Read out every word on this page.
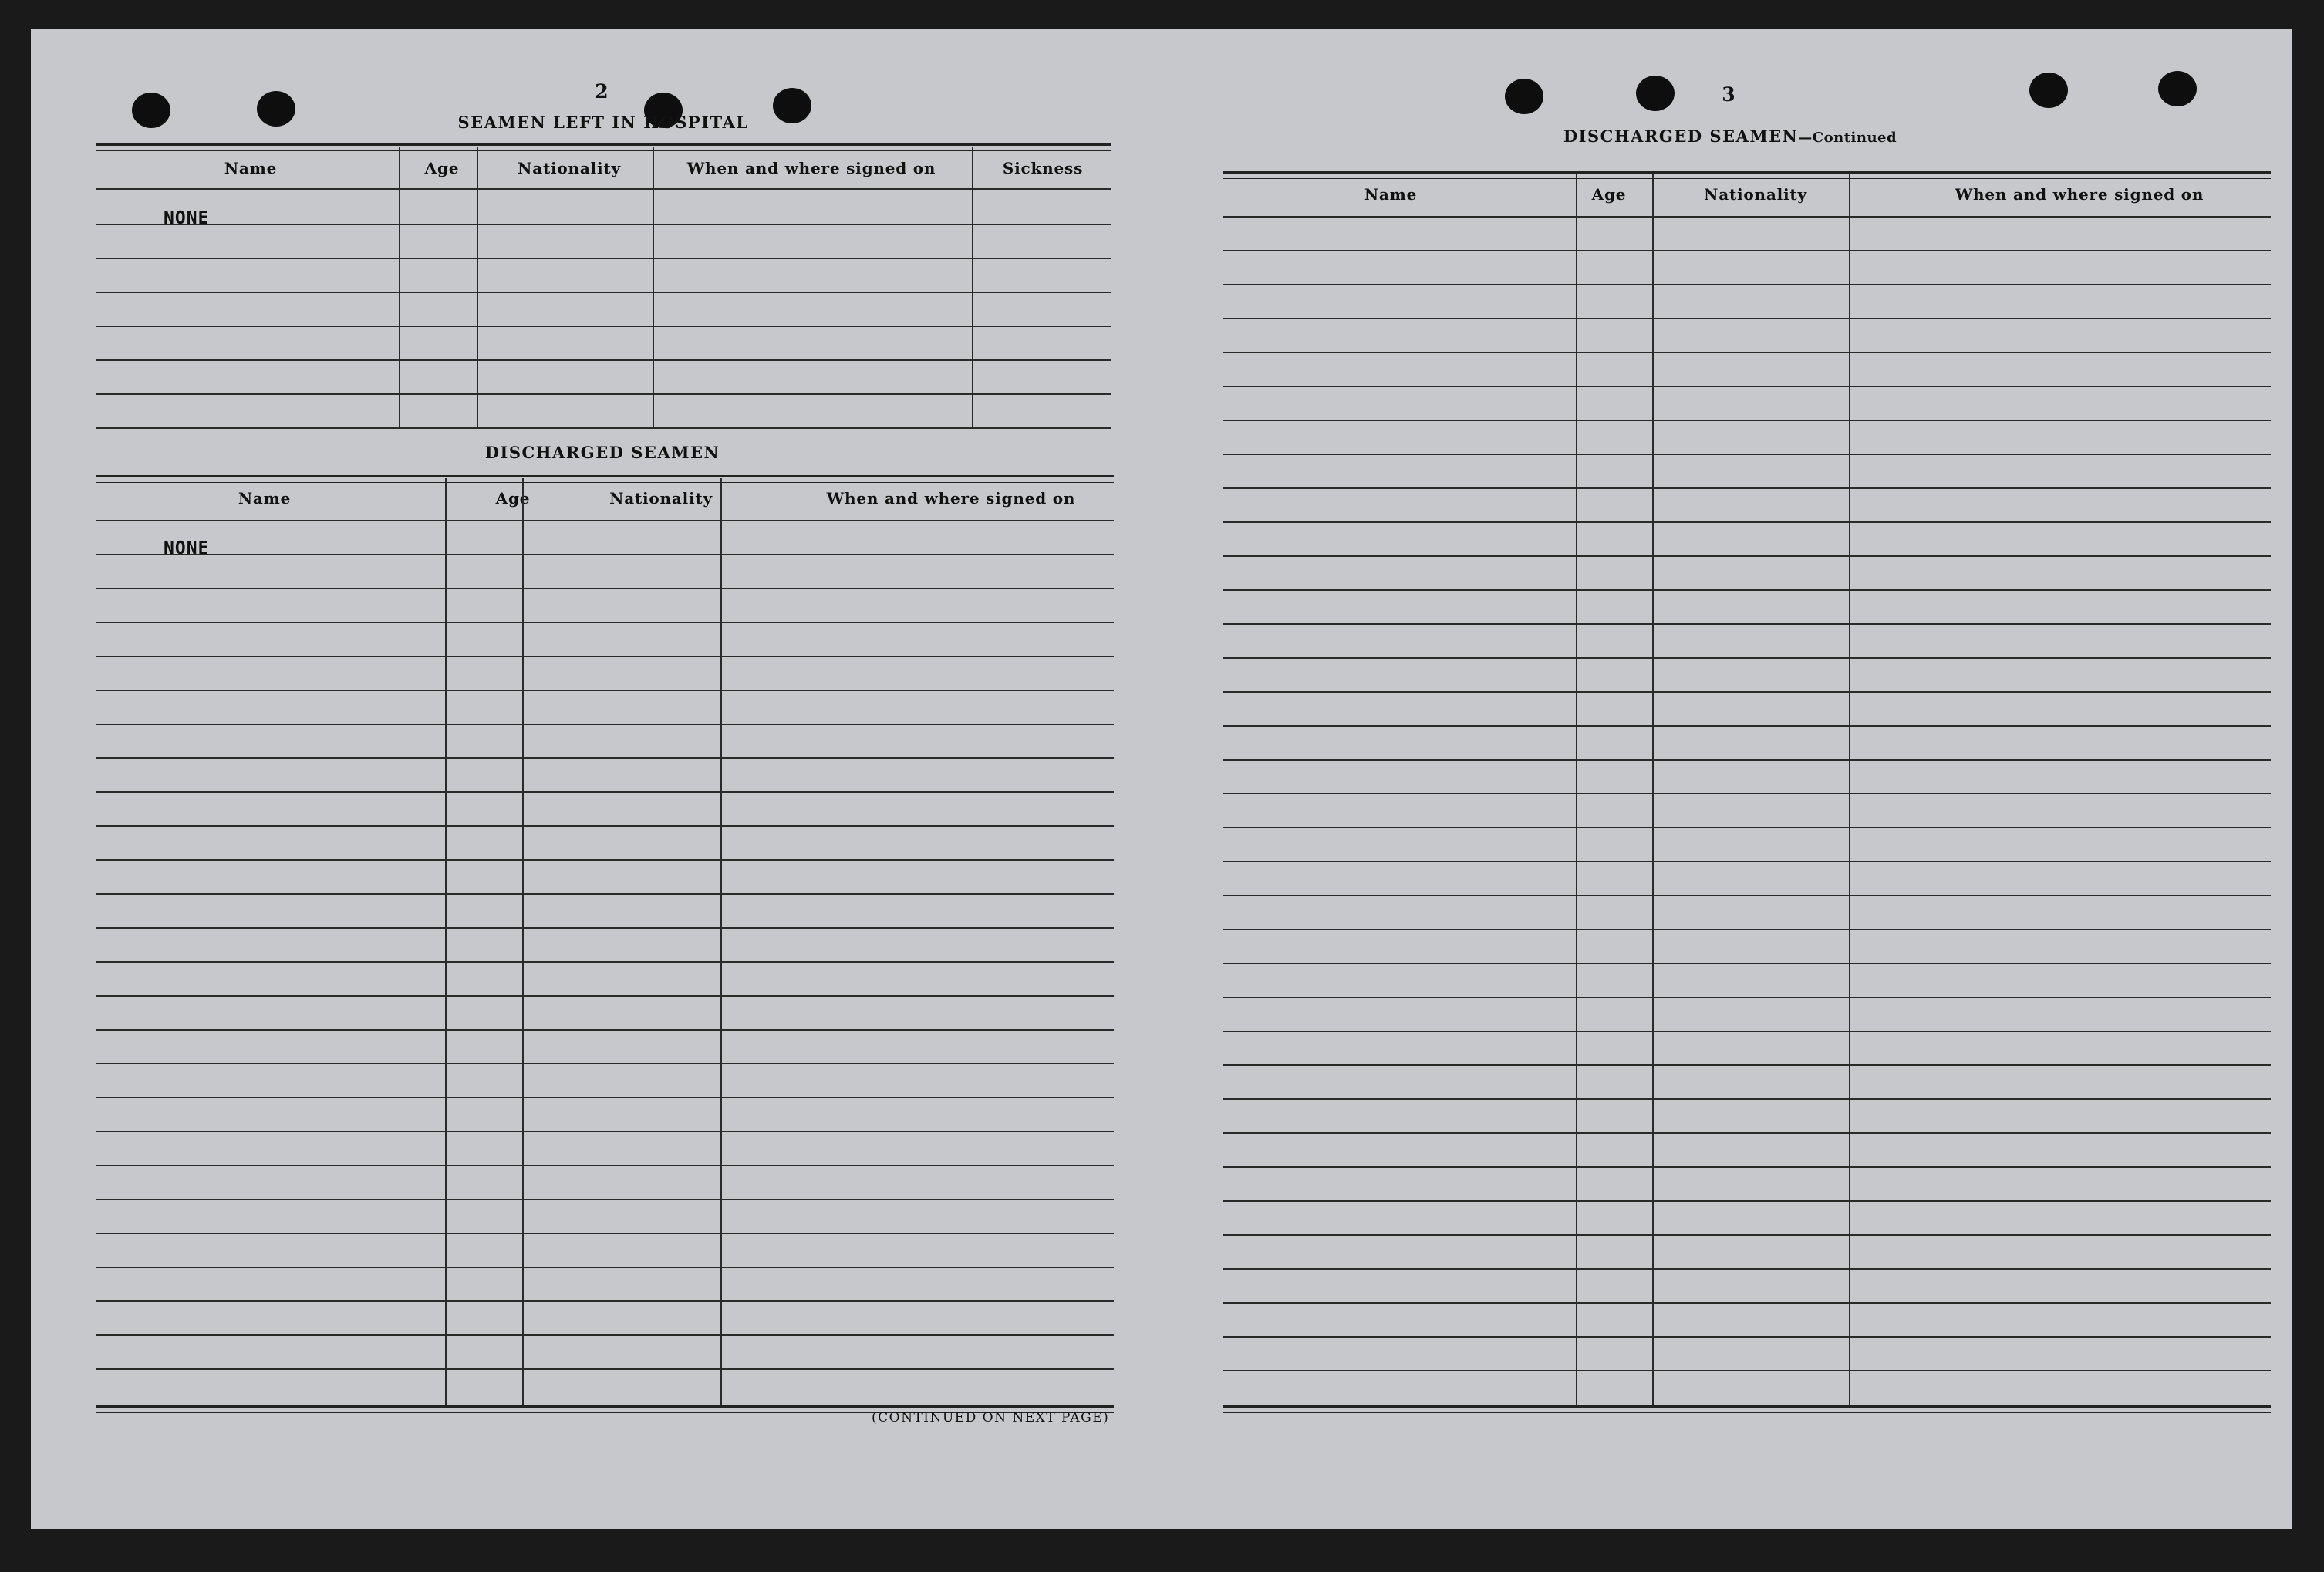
2
SEAMEN LEFT IN HOSPITAL
Name	Age	Nationality	When and where signed on	Sickness
NONE
DISCHARGED SEAMEN
Name	Age	Nationality	When and where signed on
NONE
(CONTINUED ON NEXT PAGE)
3
DISCHARGED SEAMEN—Continued
Name	Age	Nationality	When and where signed on
